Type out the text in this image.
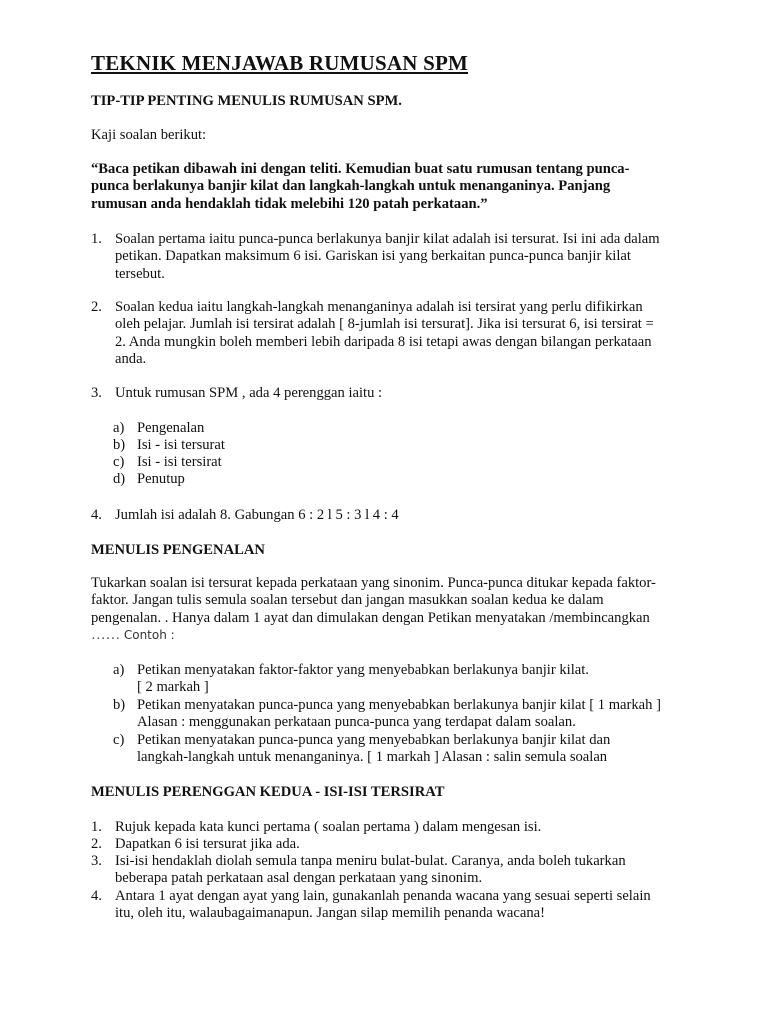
TEKNIK MENJAWAB RUMUSAN SPM
TIP-TIP PENTING MENULIS RUMUSAN SPM.
Kaji soalan berikut:
“Baca petikan dibawah ini dengan teliti. Kemudian buat satu rumusan tentang punca-
punca berlakunya banjir kilat dan langkah-langkah untuk menanganinya. Panjang
rumusan anda hendaklah tidak melebihi 120 patah perkataan.”
1. Soalan pertama iaitu punca-punca berlakunya banjir kilat adalah isi tersurat. Isi ini ada dalam
petikan. Dapatkan maksimum 6 isi. Gariskan isi yang berkaitan punca-punca banjir kilat
tersebut.
2. Soalan kedua iaitu langkah-langkah menanganinya adalah isi tersirat yang perlu difikirkan
oleh pelajar. Jumlah isi tersirat adalah [ 8-jumlah isi tersurat]. Jika isi tersurat 6, isi tersirat =
2. Anda mungkin boleh memberi lebih daripada 8 isi tetapi awas dengan bilangan perkataan
anda.
3. Untuk rumusan SPM , ada 4 perenggan iaitu :
a) Pengenalan
b) Isi - isi tersurat
c) Isi - isi tersirat
d) Penutup
4. Jumlah isi adalah 8. Gabungan 6 : 2 l 5 : 3 l 4 : 4
MENULIS PENGENALAN
Tukarkan soalan isi tersurat kepada perkataan yang sinonim. Punca-punca ditukar kepada faktor-
faktor. Jangan tulis semula soalan tersebut dan jangan masukkan soalan kedua ke dalam
pengenalan. . Hanya dalam 1 ayat dan dimulakan dengan Petikan menyatakan /membincangkan
…… Contoh :
a) Petikan menyatakan faktor-faktor yang menyebabkan berlakunya banjir kilat.
[ 2 markah ]
b) Petikan menyatakan punca-punca yang menyebabkan berlakunya banjir kilat [ 1 markah ]
Alasan : menggunakan perkataan punca-punca yang terdapat dalam soalan.
c) Petikan menyatakan punca-punca yang menyebabkan berlakunya banjir kilat dan
langkah-langkah untuk menanganinya. [ 1 markah ] Alasan : salin semula soalan
MENULIS PERENGGAN KEDUA - ISI-ISI TERSIRAT
1. Rujuk kepada kata kunci pertama ( soalan pertama ) dalam mengesan isi.
2. Dapatkan 6 isi tersurat jika ada.
3. Isi-isi hendaklah diolah semula tanpa meniru bulat-bulat. Caranya, anda boleh tukarkan
beberapa patah perkataan asal dengan perkataan yang sinonim.
4. Antara 1 ayat dengan ayat yang lain, gunakanlah penanda wacana yang sesuai seperti selain
itu, oleh itu, walaubagaimanapun. Jangan silap memilih penanda wacana!
